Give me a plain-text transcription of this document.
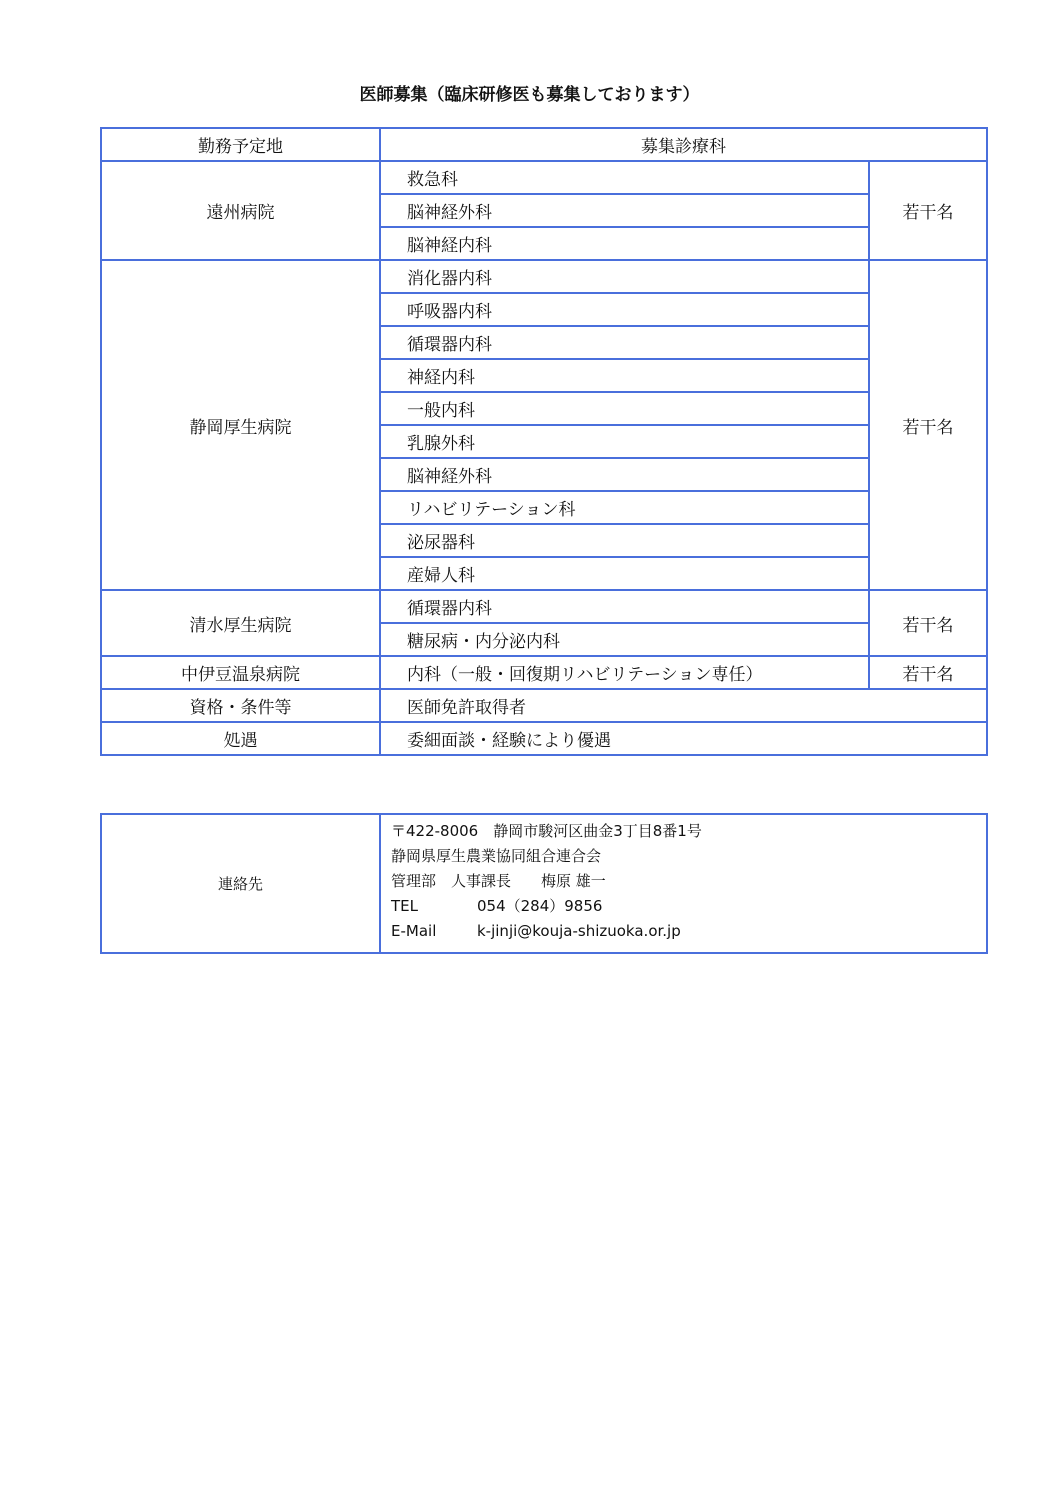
医師募集（臨床研修医も募集しております）
勤務予定地	募集診療科	
遠州病院	救急科	若干名
	脳神経外科	
	脳神経内科	
静岡厚生病院	消化器内科	若干名
	呼吸器内科	
	循環器内科	
	神経内科	
	一般内科	
	乳腺外科	
	脳神経外科	
	リハビリテーション科	
	泌尿器科	
	産婦人科	
清水厚生病院	循環器内科	若干名
	糖尿病・内分泌内科	
中伊豆温泉病院	内科（一般・回復期リハビリテーション専任）	若干名
資格・条件等	医師免許取得者	
処遇	委細面談・経験により優遇	
連絡先	
〒422-8006　静岡市駿河区曲金3丁目8番1号
静岡県厚生農業協同組合連合会
管理部　人事課長　　梅原 雄一
TEL	054（284）9856
E-Mail	k-jinji@kouja-shizuoka.or.jp
